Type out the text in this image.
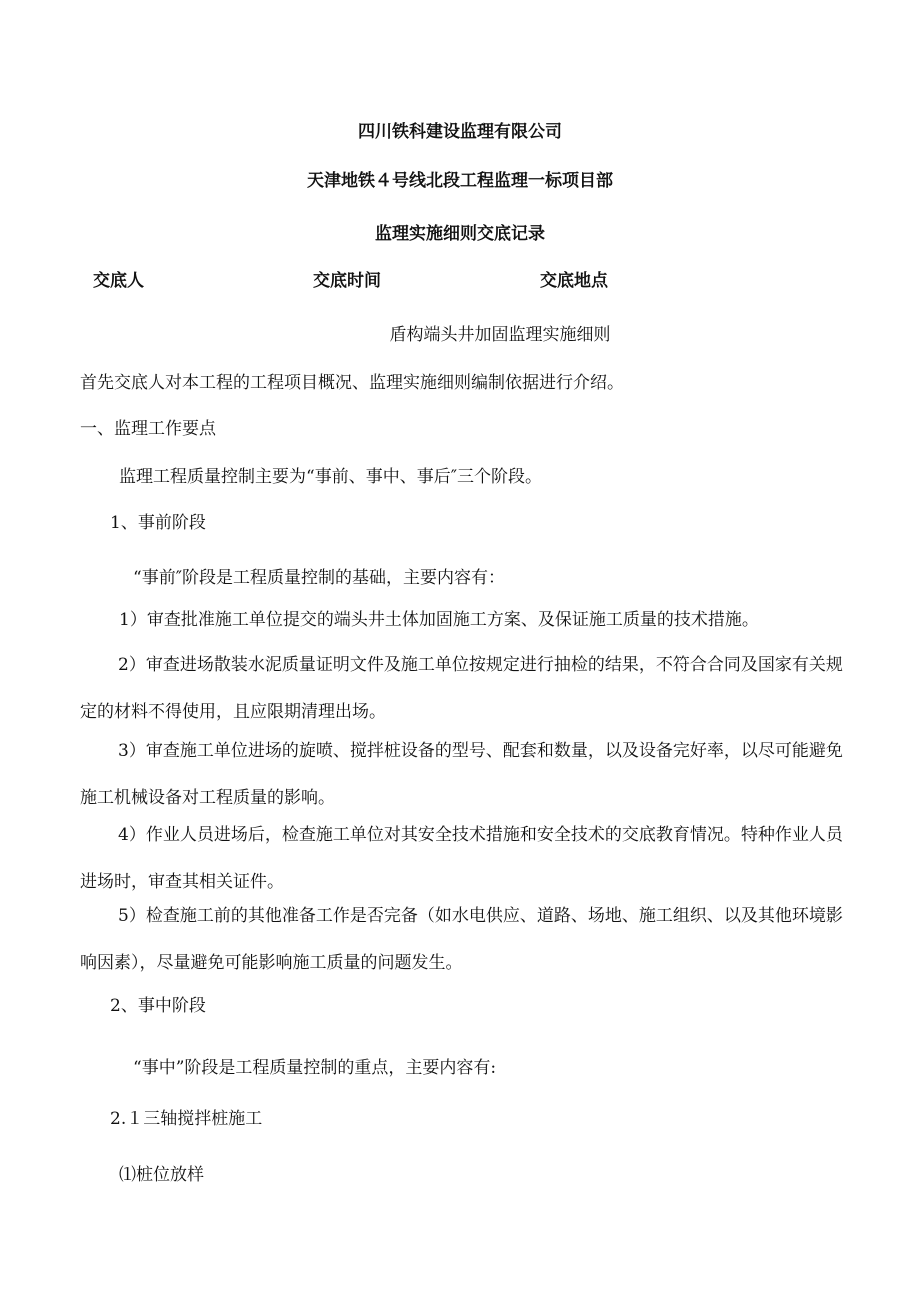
四川铁科建设监理有限公司
天津地铁４号线北段工程监理一标项目部
监理实施细则交底记录
交底人	交底时间	交底地点
盾构端头井加固监理实施细则
首先交底人对本工程的工程项目概况、监理实施细则编制依据进行介绍。
一、监理工作要点
监理工程质量控制主要为“事前、事中、事后″三个阶段。
1、事前阶段
“事前″阶段是工程质量控制的基础，主要内容有：
1）审查批准施工单位提交的端头井土体加固施工方案、及保证施工质量的技术措施。
2）审查进场散装水泥质量证明文件及施工单位按规定进行抽检的结果，不符合合同及国家有关规定的材料不得使用，且应限期清理出场。
3）审查施工单位进场的旋喷、搅拌桩设备的型号、配套和数量，以及设备完好率，以尽可能避免施工机械设备对工程质量的影响。
4）作业人员进场后，检查施工单位对其安全技术措施和安全技术的交底教育情况。特种作业人员进场时，审查其相关证件。
5）检查施工前的其他准备工作是否完备（如水电供应、道路、场地、施工组织、以及其他环境影响因素），尽量避免可能影响施工质量的问题发生。
2、事中阶段
“事中”阶段是工程质量控制的重点，主要内容有:
2.１三轴搅拌桩施工
⑴桩位放样
